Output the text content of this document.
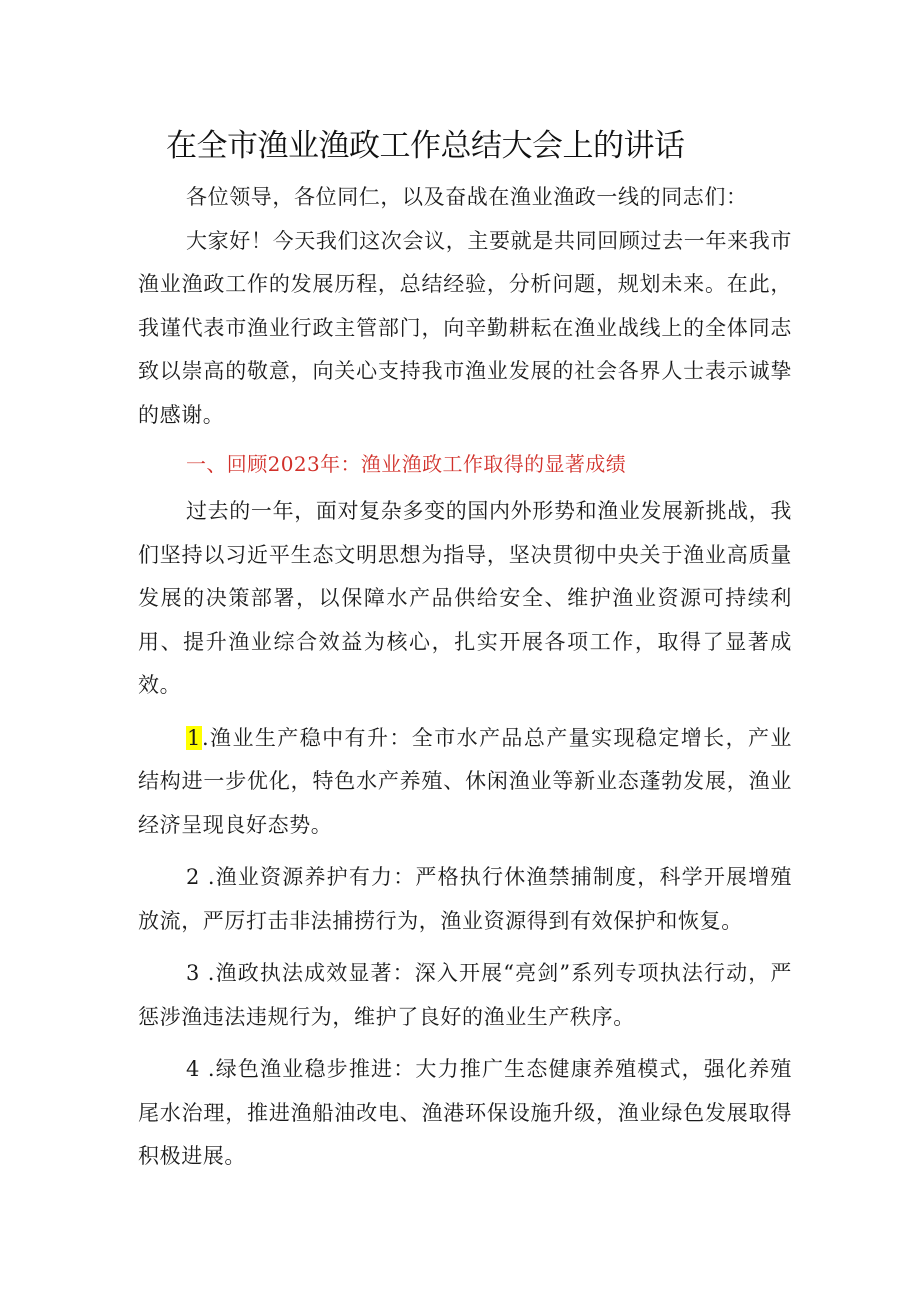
在全市渔业渔政工作总结大会上的讲话

各位领导，各位同仁，以及奋战在渔业渔政一线的同志们：

大家好！今天我们这次会议，主要就是共同回顾过去一年来我市渔业渔政工作的发展历程，总结经验，分析问题，规划未来。在此，我谨代表市渔业行政主管部门，向辛勤耕耘在渔业战线上的全体同志致以崇高的敬意，向关心支持我市渔业发展的社会各界人士表示诚挚的感谢。

一、回顾2023年：渔业渔政工作取得的显著成绩

过去的一年，面对复杂多变的国内外形势和渔业发展新挑战，我们坚持以习近平生态文明思想为指导，坚决贯彻中央关于渔业高质量发展的决策部署，以保障水产品供给安全、维护渔业资源可持续利用、提升渔业综合效益为核心，扎实开展各项工作，取得了显著成效。

1.渔业生产稳中有升：全市水产品总产量实现稳定增长，产业结构进一步优化，特色水产养殖、休闲渔业等新业态蓬勃发展，渔业经济呈现良好态势。

2 .渔业资源养护有力：严格执行休渔禁捕制度，科学开展增殖放流，严厉打击非法捕捞行为，渔业资源得到有效保护和恢复。

3 .渔政执法成效显著：深入开展“亮剑”系列专项执法行动，严惩涉渔违法违规行为，维护了良好的渔业生产秩序。

4 .绿色渔业稳步推进：大力推广生态健康养殖模式，强化养殖尾水治理，推进渔船油改电、渔港环保设施升级，渔业绿色发展取得积极进展。
